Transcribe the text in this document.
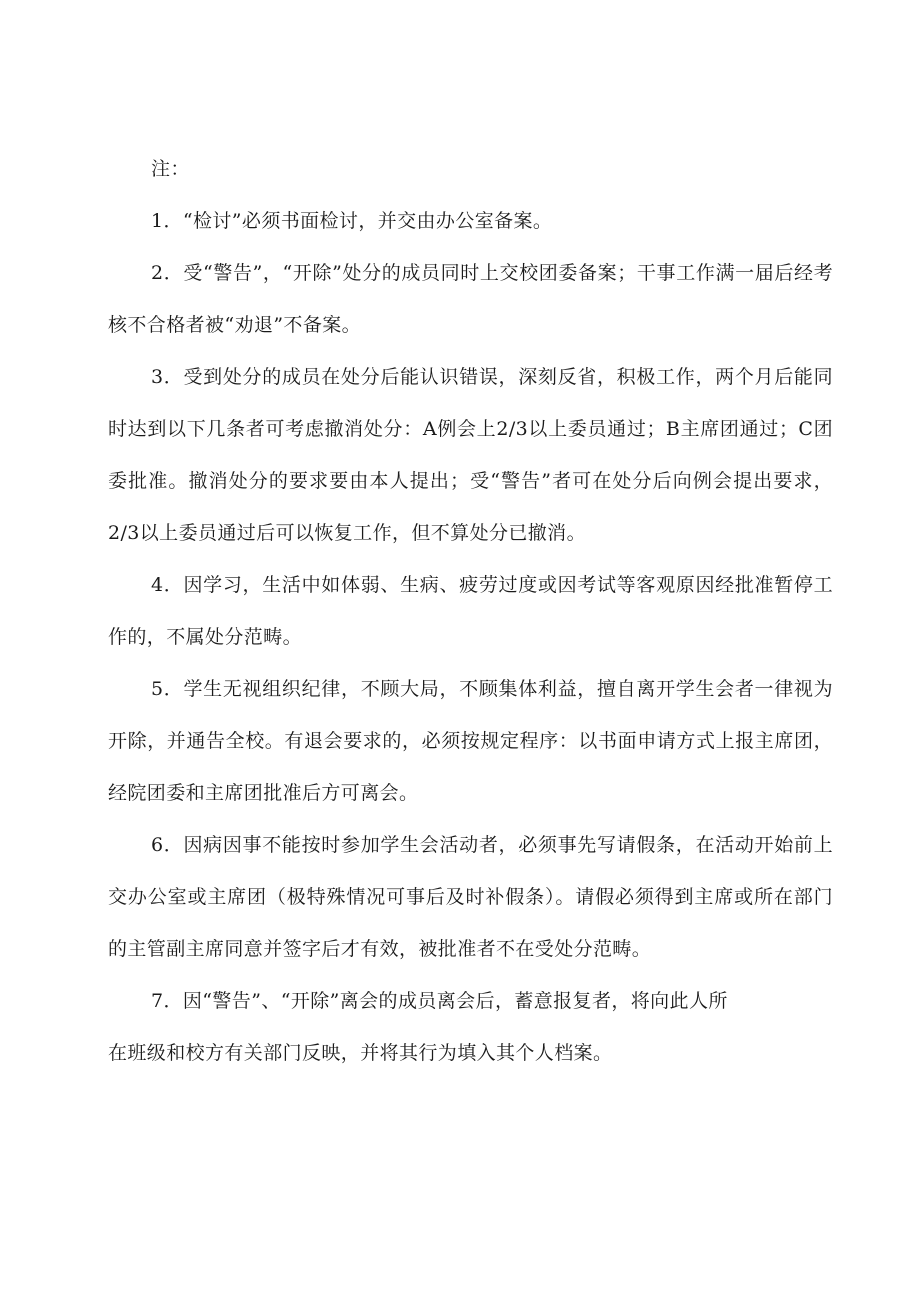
注：

1．“检讨”必须书面检讨，并交由办公室备案。

2．受“警告”，“开除”处分的成员同时上交校团委备案；干事工作满一届后经考核不合格者被“劝退”不备案。

3．受到处分的成员在处分后能认识错误，深刻反省，积极工作，两个月后能同时达到以下几条者可考虑撤消处分：A例会上2/3以上委员通过；B主席团通过；C团委批准。撤消处分的要求要由本人提出；受“警告”者可在处分后向例会提出要求，2/3以上委员通过后可以恢复工作，但不算处分已撤消。

4．因学习，生活中如体弱、生病、疲劳过度或因考试等客观原因经批准暂停工作的，不属处分范畴。

5．学生无视组织纪律，不顾大局，不顾集体利益，擅自离开学生会者一律视为开除，并通告全校。有退会要求的，必须按规定程序：以书面申请方式上报主席团，经院团委和主席团批准后方可离会。

6．因病因事不能按时参加学生会活动者，必须事先写请假条，在活动开始前上交办公室或主席团（极特殊情况可事后及时补假条）。请假必须得到主席或所在部门的主管副主席同意并签字后才有效，被批准者不在受处分范畴。

7．因“警告”、“开除”离会的成员离会后，蓄意报复者，将向此人所

在班级和校方有关部门反映，并将其行为填入其个人档案。
